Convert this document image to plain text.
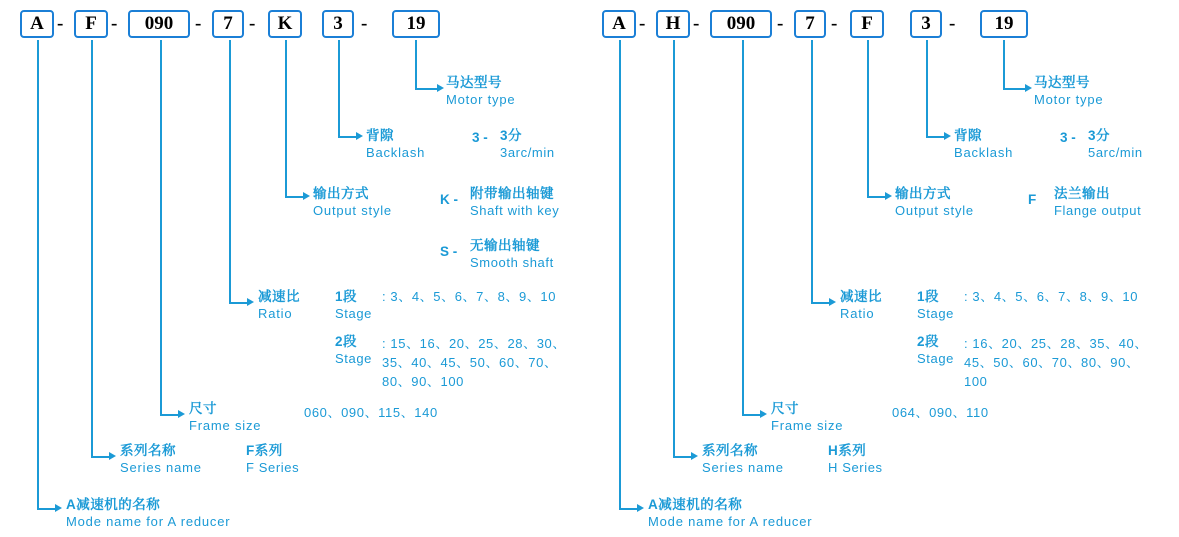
A -	F -	090	-	7 -	K	3 -	19
马达型号
Motor type
背隙
Backlash
3 - 3分
3arc/min
输出方式
Output style
K - 附带输出轴键
Shaft with key
S - 无输出轴键
Smooth shaft
减速比
Ratio
1段
Stage
: 3、4、5、6、7、8、9、10
2段
Stage
: 15、16、20、25、28、30、
35、40、45、50、60、70、
80、90、100
尺寸
Frame size
060、090、115、140
系列名称
Series name
F系列
F Series
A减速机的名称
Mode name for A reducer
A -	H -	090	-	7 -	F	3 -	19
马达型号
Motor type
背隙
Backlash
3 - 3分
5arc/min
输出方式
Output style
F 法兰输出
Flange output
减速比
Ratio
1段
Stage
: 3、4、5、6、7、8、9、10
2段
Stage
: 16、20、25、28、35、40、
45、50、60、70、80、90、
100
尺寸
Frame size
064、090、110
系列名称
Series name
H系列
H Series
A减速机的名称
Mode name for A reducer
